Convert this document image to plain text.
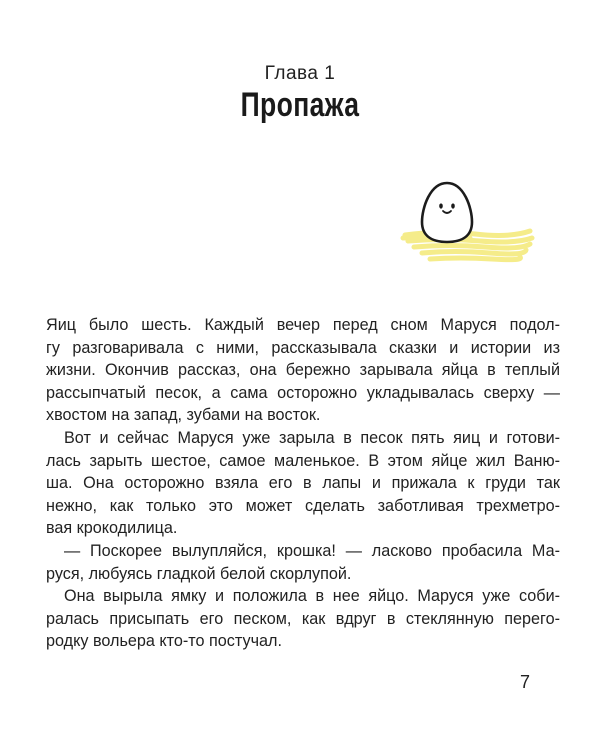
Глава 1
Пропажа

Яиц было шесть. Каждый вечер перед сном Маруся подол-
гу разговаривала с ними, рассказывала сказки и истории из
жизни. Окончив рассказ, она бережно зарывала яйца в теплый
рассыпчатый песок, а сама осторожно укладывалась сверху —
хвостом на запад, зубами на восток.

Вот и сейчас Маруся уже зарыла в песок пять яиц и готови-
лась зарыть шестое, самое маленькое. В этом яйце жил Ваню-
ша. Она осторожно взяла его в лапы и прижала к груди так
нежно, как только это может сделать заботливая трехметро-
вая крокодилица.

— Поскорее вылупляйся, крошка! — ласково пробасила Ма-
руся, любуясь гладкой белой скорлупой.

Она вырыла ямку и положила в нее яйцо. Маруся уже соби-
ралась присыпать его песком, как вдруг в стеклянную перего-
родку вольера кто-то постучал.

7
